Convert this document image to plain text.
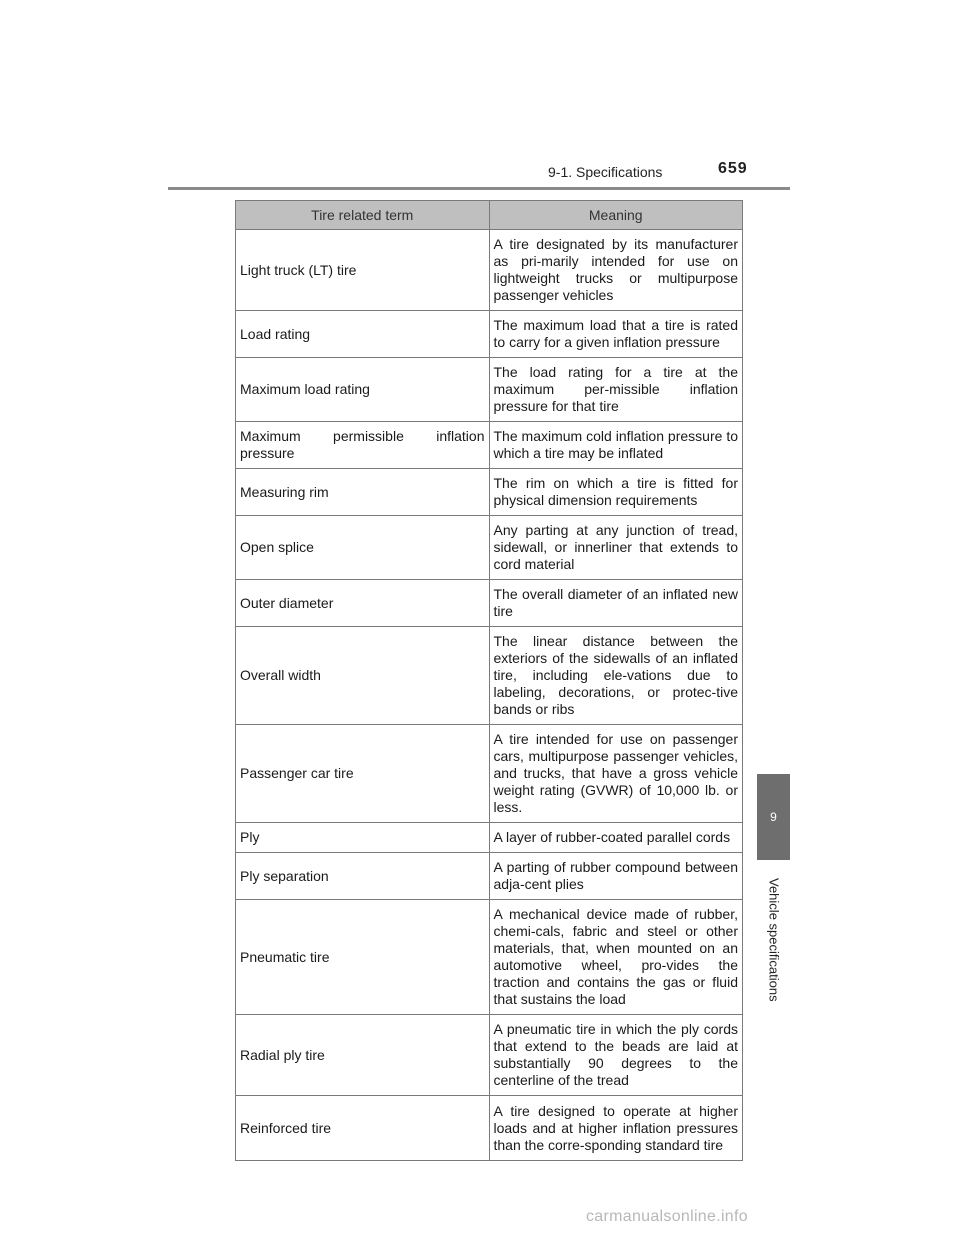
9-1. Specifications	659
9
Vehicle specifications
Tire related term	Meaning
Light truck (LT) tire	A tire designated by its manufacturer as pri-marily intended for use on lightweight trucks or multipurpose passenger vehicles
Load rating	The maximum load that a tire is rated to carry for a given inflation pressure
Maximum load rating	The load rating for a tire at the maximum per-missible inflation pressure for that tire
Maximum permissible inflation pressure	The maximum cold inflation pressure to which a tire may be inflated
Measuring rim	The rim on which a tire is fitted for physical dimension requirements
Open splice	Any parting at any junction of tread, sidewall, or innerliner that extends to cord material
Outer diameter	The overall diameter of an inflated new tire
Overall width	The linear distance between the exteriors of the sidewalls of an inflated tire, including ele-vations due to labeling, decorations, or protec-tive bands or ribs
Passenger car tire	A tire intended for use on passenger cars, multipurpose passenger vehicles, and trucks, that have a gross vehicle weight rating (GVWR) of 10,000 lb. or less.
Ply	A layer of rubber-coated parallel cords
Ply separation	A parting of rubber compound between adja-cent plies
Pneumatic tire	A mechanical device made of rubber, chemi-cals, fabric and steel or other materials, that, when mounted on an automotive wheel, pro-vides the traction and contains the gas or fluid that sustains the load
Radial ply tire	A pneumatic tire in which the ply cords that extend to the beads are laid at substantially 90 degrees to the centerline of the tread
Reinforced tire	A tire designed to operate at higher loads and at higher inflation pressures than the corre-sponding standard tire
carmanualsonline.info
